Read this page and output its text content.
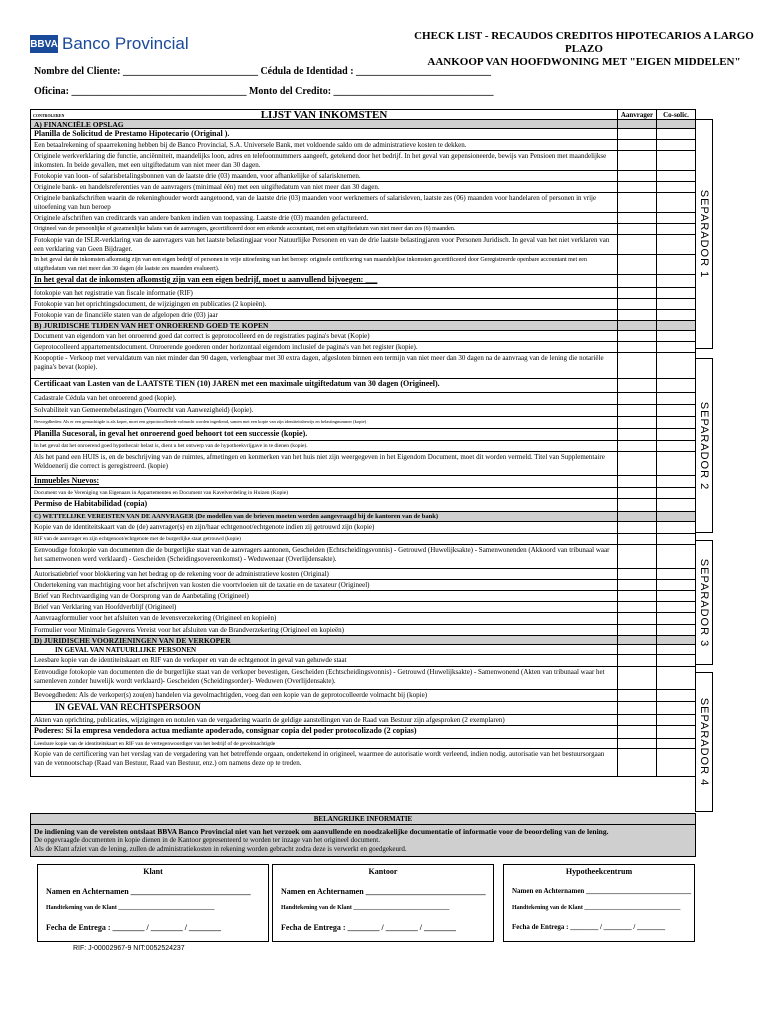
BBVA Banco Provincial	CHECK LIST - RECAUDOS CREDITOS HIPOTECARIOS A LARGO PLAZO
AANKOOP VAN HOOFDWONING MET "EIGEN MIDDELEN"
Nombre del Cliente: ___________________________ Cédula de Identidad : ___________________________
Oficina: ___________________________________ Monto del Credito: ________________________________
CONTROLEREN	LIJST VAN INKOMSTEN	Aanvrager	Co-solic.
A) FINANCIËLE OPSLAG
Planilla de Solicitud de Prestamo Hipotecario (Original ).
Een betaalrekening of spaarrekening hebben bij de Banco Provincial, S.A. Universele Bank, met voldoende saldo om de administratieve kosten te dekken.
Originele werkverklaring die functie, anciënniteit, maandelijks loon, adres en telefoonnummers aangeeft, getekend door het bedrijf. In het geval van gepensioneerde, bewijs van Pensioen met maandelijkse inkomsten. In beide gevallen, met een uitgiftedatum van niet meer dan 30 dagen.
Fotokopie van loon- of salarisbetalingsbonnen van de laatste drie (03) maanden, voor afhankelijke of salarisknemen.
Originele bank- en handelsreferenties van de aanvragers (minimaal één) met een uitgiftedatum van niet meer dan 30 dagen.
Originele bankafschriften waarin de rekeninghouder wordt aangetoond, van de laatste drie (03) maanden voor werknemers of salarisleven, laatste zes (06) maanden voor handelaren of personen in vrije uitoefening van hun beroep
Originele afschriften van creditcards van andere banken indien van toepassing. Laatste drie (03) maanden gefactureerd.
Origineel van de persoonlijke of gezamenlijke balans van de aanvragers, gecertificeerd door een erkende accountant, met een uitgiftedatum van niet meer dan zes (6) maanden.
Fotokopie van de ISLR-verklaring van de aanvragers van het laatste belastingjaar voor Natuurlijke Personen en van de drie laatste belastingjaren voor Personen Juridisch. In geval van het niet verklaren van een verklaring van Geen Bijdrager.
In het geval dat de inkomsten afkomstig zijn van een eigen bedrijf of personen in vrije uitoefening van het beroep: originele certificering van maandelijkse inkomsten gecertificeerd door Geregistreerde openbare accountant met een uitgiftedatum van niet meer dan 30 dagen (de laatste zes maanden evalueert).
In het geval dat de inkomsten afkomstig zijn van een eigen bedrijf, moet u aanvullend bijvoegen: ___
fotokopie van het registratie van fiscale informatie (RIF)
Fotokopie van het oprichtingsdocument, de wijzigingen en publicaties (2 kopieën).
Fotokopie van de financiële staten van de afgelopen drie (03) jaar
B) JURIDISCHE TIJDEN VAN HET ONROEREND GOED TE KOPEN
Document van eigendom van het onroerend goed dat correct is geprotocolleerd en de registraties pagina's bevat (Kopie)
Geprotocolleerd appartementsdocument. Onroerende goederen onder horizontaal eigendom inclusief de pagina's van het register (kopie).
Koopoptie - Verkoop met vervaldatum van niet minder dan 90 dagen, verlengbaar met 30 extra dagen, afgesloten binnen een termijn van niet meer dan 30 dagen na de aanvraag van de lening die notariële pagina's bevat (kopie).
Certificaat van Lasten van de LAATSTE TIEN (10) JAREN met een maximale uitgiftedatum van 30 dagen (Origineel).
Cadastrale Cédula van het onroerend goed (kopie).
Solvabiliteit van Gemeentebelastingen (Voorrecht van Aanwezigheid) (kopie).
Bevoegdheden: Als er een gemachtigde is als koper, moet een geprotocolleerde volmacht worden ingediend, samen met een kopie van zijn identiteitsbewijs en belastingnummer (kopie)
Planilla Sucesoral, in geval het onroerend goed behoort tot een successie (kopie).
In het geval dat het onroerend goed hypothecair belast is, dient u het ontwerp van de hypotheekvrijgave in te dienen (kopie).
Als het pand een HUIS is, en de beschrijving van de ruimtes, afmetingen en kenmerken van het huis niet zijn weergegeven in het Eigendom Document, moet dit worden vermeld. Titel van Supplementaire Weldoenerij die correct is geregistreerd. (kopie)
Inmuebles Nuevos:
Document van de Vereniging van Eigenaars in Appartementen en Document van Kavelverdeling in Huizen (Kopie)
Permiso de Habitabilidad (copia)
C) WETTELIJKE VEREISTEN VAN DE AANVRAGER (De modellen van de brieven moeten worden aangevraagd bij de kantoren van de bank)
Kopie van de identiteitskaart van de (de) aanvrager(s) en zijn/haar echtgenoot/echtgenote indien zij getrouwd zijn (kopie)
RIF van de aanvrager en zijn echtgenoot/echtgenote met de burgerlijke staat getrouwd (kopie)
Eenvoudige fotokopie van documenten die de burgerlijke staat van de aanvragers aantonen, Gescheiden (Echtscheidingsvonnis) - Getrouwd (Huwelijksakte) - Samenwonenden (Akkoord van tribunaal waar het samenwonen werd verklaard) - Gescheiden (Scheidingsovereenkomst) - Weduwenaar (Overlijdensakte).
Autorisatiebrief voor blokkering van het bedrag op de rekening voor de administratieve kosten (Original)
Ondertekening van machtiging voor het afschrijven van kosten die voortvloeien uit de taxatie en de taxateur (Origineel)
Brief van Rechtvaardiging van de Oorsprong van de Aanbetaling (Origineel)
Brief van Verklaring van Hoofdverblijf (Origineel)
Aanvraagformulier voor het afsluiten van de levensverzekering (Origineel en kopieën)
Formulier voor Minimale Gegevens Vereist voor het afsluiten van de Brandverzekering (Origineel en kopieën)
D) JURIDISCHE VOORZIENINGEN VAN DE VERKOPER
IN GEVAL VAN NATUURLIJKE PERSONEN
Leesbare kopie van de identiteitskaart en RIF van de verkoper en van de echtgenoot in geval van gehuwde staat
Eenvoudige fotokopie van documenten die de burgerlijke staat van de verkoper bevestigen, Gescheiden (Echtscheidingsvonnis) - Getrouwd (Huwelijksakte) - Samenwonend (Akten van tribunaal waar het samenleven zonder huwelijk wordt verklaard)- Gescheiden (Scheidingsorder)- Weduwen (Overlijdensakte).
Bevoegdheden: Als de verkoper(s) zou(en) handelen via gevolmachtigden, voeg dan een kopie van de geprotocolleerde volmacht bij (kopie)
IN GEVAL VAN RECHTSPERSOON
Akten van oprichting, publicaties, wijzigingen en notulen van de vergadering waarin de geldige aanstellingen van de Raad van Bestuur zijn afgesproken (2 exemplaren)
Poderes: Si la empresa vendedora actua mediante apoderado, consignar copia del poder protocolizado (2 copias)
Leesbare kopie van de identiteitskaart en RIF van de vertegenwoordiger van het bedrijf of de gevolmachtigde
Kopie van de certificering van het verslag van de vergadering van het betreffende orgaan, ondertekend in origineel, waarmee de autorisatie wordt verleend, indien nodig. autorisatie van het bestuursorgaan van de vennootschap (Raad van Bestuur, Raad van Bestuur, enz.) om namens deze op te treden.
SEPARADOR 1
SEPARADOR 2
SEPARADOR 3
SEPARADOR 4
BELANGRIJKE INFORMATIE
De indiening van de vereisten ontslaat BBVA Banco Provincial niet van het verzoek om aanvullende en noodzakelijke documentatie of informatie voor de beoordeling van de lening.
De opgevraagde documenten in kopie dienen in de Kantoor gepresenteerd te worden ter inzage van het origineel document.
Als de Klant afziet van de lening, zullen de administratiekosten in rekening worden gebracht zodra deze is verwerkt en goedgekeurd.
Klant
Namen en Achternamen ______________________________
Handtekening van de Klant ________________________________
Fecha de Entrega : ________ / ________ / ________
Kantoor
Namen en Achternamen ______________________________
Handtekening van de Klant ________________________________
Fecha de Entrega : ________ / ________ / ________
Hypotheekcentrum
Namen en Achternamen ______________________________
Handtekening van de Klant ________________________________
Fecha de Entrega : ________ / ________ / ________
RIF: J-00002967-9 NIT:0052524237
